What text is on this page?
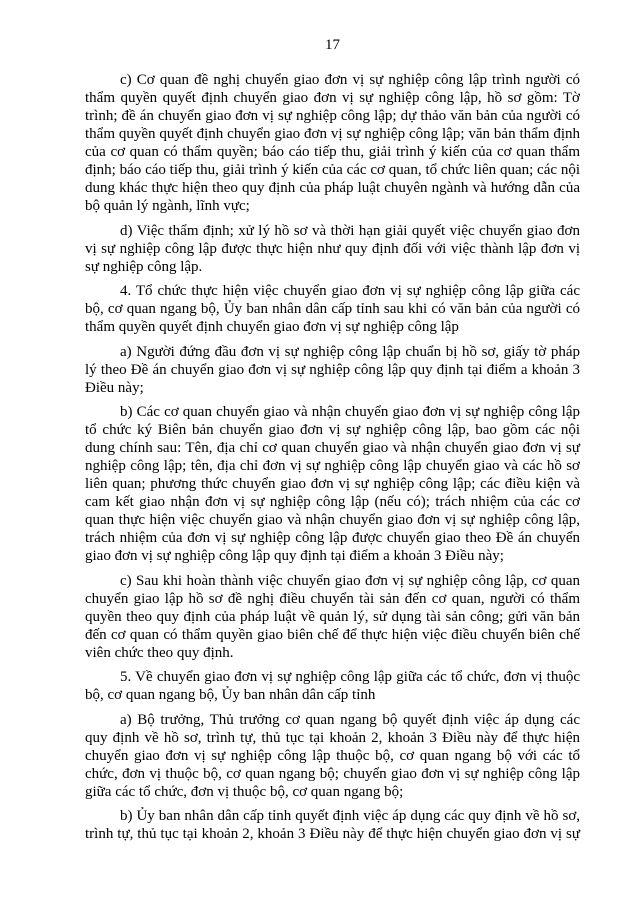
17

c) Cơ quan đề nghị chuyển giao đơn vị sự nghiệp công lập trình người có thẩm quyền quyết định chuyển giao đơn vị sự nghiệp công lập, hồ sơ gồm: Tờ trình; đề án chuyển giao đơn vị sự nghiệp công lập; dự thảo văn bản của người có thẩm quyền quyết định chuyển giao đơn vị sự nghiệp công lập; văn bản thẩm định của cơ quan có thẩm quyền; báo cáo tiếp thu, giải trình ý kiến của cơ quan thẩm định; báo cáo tiếp thu, giải trình ý kiến của các cơ quan, tổ chức liên quan; các nội dung khác thực hiện theo quy định của pháp luật chuyên ngành và hướng dẫn của bộ quản lý ngành, lĩnh vực;

d) Việc thẩm định; xử lý hồ sơ và thời hạn giải quyết việc chuyển giao đơn vị sự nghiệp công lập được thực hiện như quy định đối với việc thành lập đơn vị sự nghiệp công lập.

4. Tổ chức thực hiện việc chuyển giao đơn vị sự nghiệp công lập giữa các bộ, cơ quan ngang bộ, Ủy ban nhân dân cấp tỉnh sau khi có văn bản của người có thẩm quyền quyết định chuyển giao đơn vị sự nghiệp công lập

a) Người đứng đầu đơn vị sự nghiệp công lập chuẩn bị hồ sơ, giấy tờ pháp lý theo Đề án chuyển giao đơn vị sự nghiệp công lập quy định tại điểm a khoản 3 Điều này;

b) Các cơ quan chuyển giao và nhận chuyển giao đơn vị sự nghiệp công lập tổ chức ký Biên bản chuyển giao đơn vị sự nghiệp công lập, bao gồm các nội dung chính sau: Tên, địa chỉ cơ quan chuyển giao và nhận chuyển giao đơn vị sự nghiệp công lập; tên, địa chỉ đơn vị sự nghiệp công lập chuyển giao và các hồ sơ liên quan; phương thức chuyển giao đơn vị sự nghiệp công lập; các điều kiện và cam kết giao nhận đơn vị sự nghiệp công lập (nếu có); trách nhiệm của các cơ quan thực hiện việc chuyển giao và nhận chuyển giao đơn vị sự nghiệp công lập, trách nhiệm của đơn vị sự nghiệp công lập được chuyển giao theo Đề án chuyển giao đơn vị sự nghiệp công lập quy định tại điểm a khoản 3 Điều này;

c) Sau khi hoàn thành việc chuyển giao đơn vị sự nghiệp công lập, cơ quan chuyển giao lập hồ sơ đề nghị điều chuyển tài sản đến cơ quan, người có thẩm quyền theo quy định của pháp luật về quản lý, sử dụng tài sản công; gửi văn bản đến cơ quan có thẩm quyền giao biên chế để thực hiện việc điều chuyển biên chế viên chức theo quy định.

5. Về chuyển giao đơn vị sự nghiệp công lập giữa các tổ chức, đơn vị thuộc bộ, cơ quan ngang bộ, Ủy ban nhân dân cấp tỉnh

a) Bộ trưởng, Thủ trưởng cơ quan ngang bộ quyết định việc áp dụng các quy định về hồ sơ, trình tự, thủ tục tại khoản 2, khoản 3 Điều này để thực hiện chuyển giao đơn vị sự nghiệp công lập thuộc bộ, cơ quan ngang bộ với các tổ chức, đơn vị thuộc bộ, cơ quan ngang bộ; chuyển giao đơn vị sự nghiệp công lập giữa các tổ chức, đơn vị thuộc bộ, cơ quan ngang bộ;

b) Ủy ban nhân dân cấp tỉnh quyết định việc áp dụng các quy định về hồ sơ, trình tự, thủ tục tại khoản 2, khoản 3 Điều này để thực hiện chuyển giao đơn vị sự
